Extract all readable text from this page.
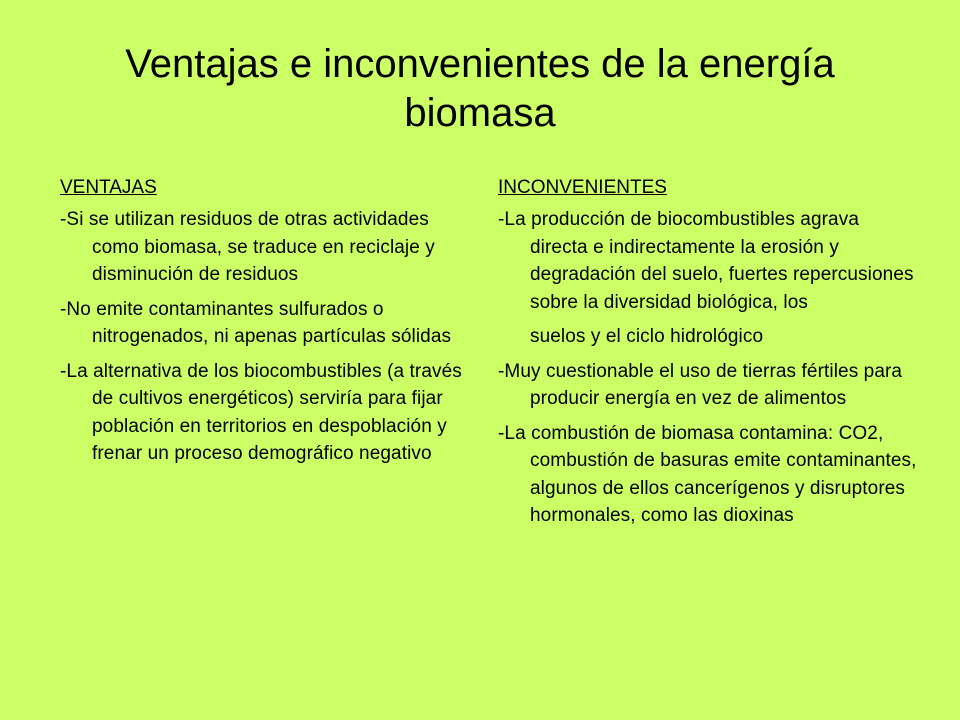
Ventajas e inconvenientes de la energía
biomasa
VENTAJAS
-Si se utilizan residuos de otras actividades como biomasa, se traduce en reciclaje y disminución de residuos
-No emite contaminantes sulfurados o nitrogenados, ni apenas partículas sólidas
-La alternativa de los biocombustibles (a través de cultivos energéticos) serviría para fijar población en territorios en despoblación y frenar un proceso demográfico negativo
INCONVENIENTES
-La producción de biocombustibles agrava directa e indirectamente la erosión y degradación del suelo, fuertes repercusiones sobre la diversidad biológica, los
suelos y el ciclo hidrológico
-Muy cuestionable el uso de tierras fértiles para producir energía en vez de alimentos
-La combustión de biomasa contamina: CO2, combustión de basuras emite contaminantes, algunos de ellos cancerígenos y disruptores hormonales, como las dioxinas
